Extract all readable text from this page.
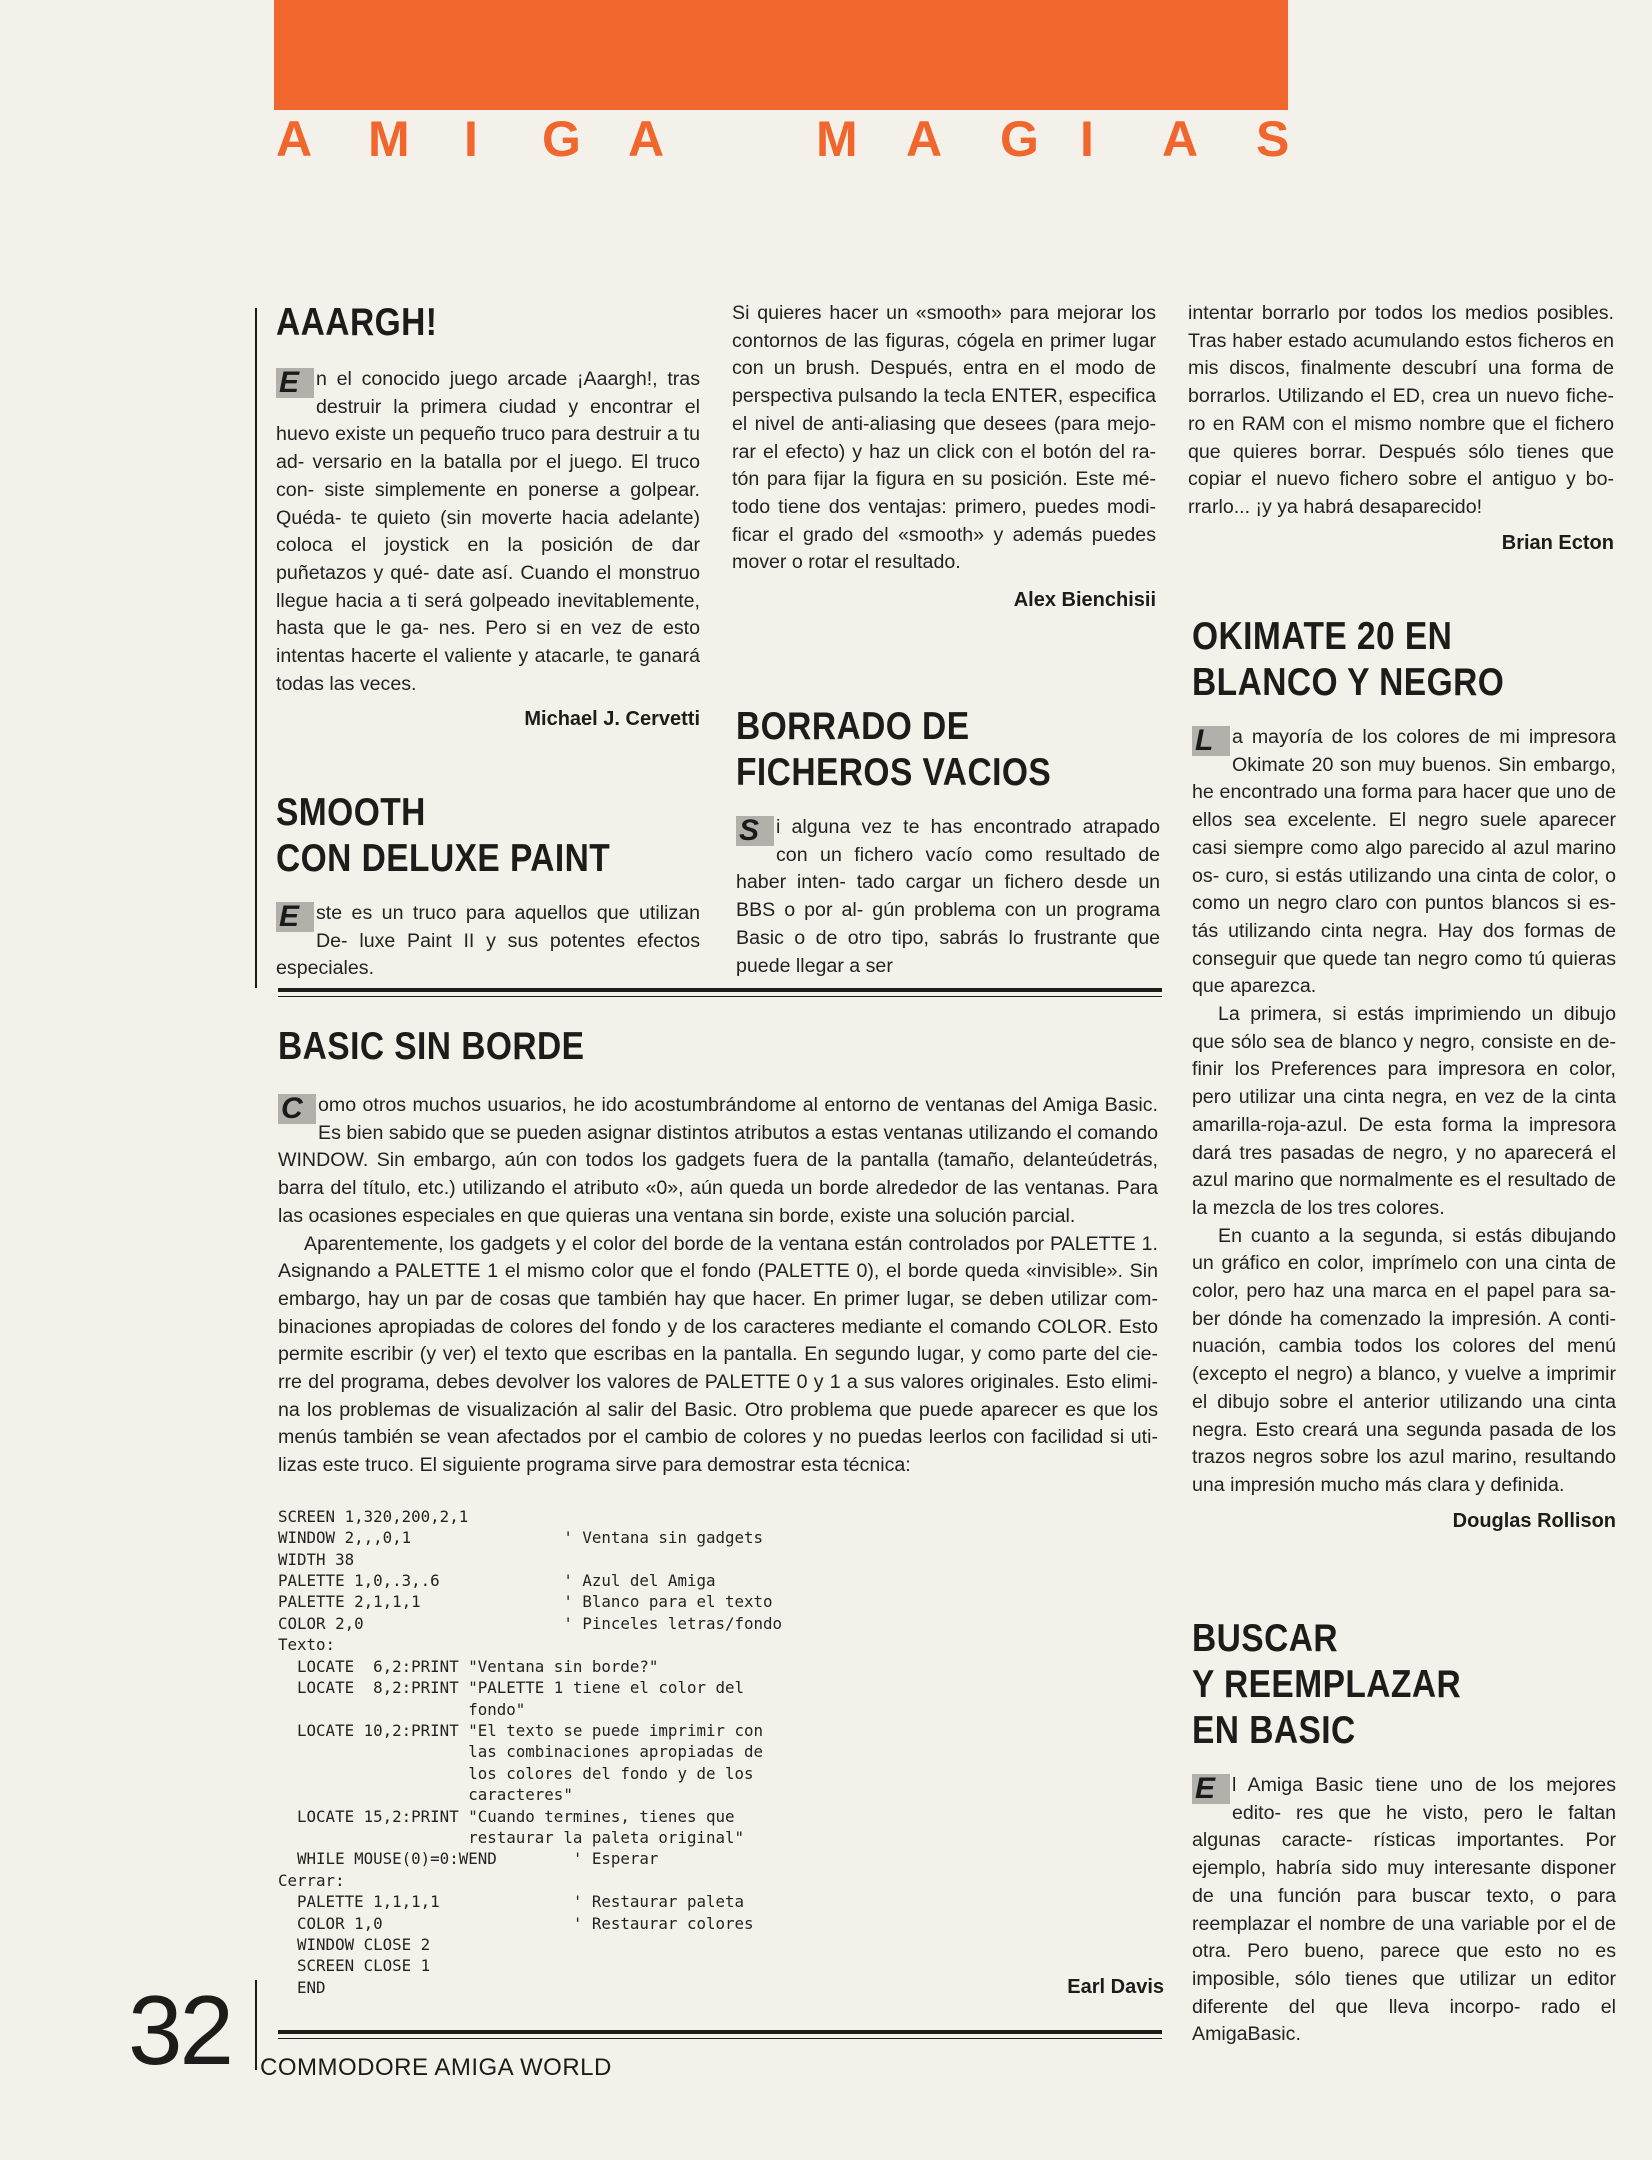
A M I G A	M A G I A S
AAARGH!

E n el conocido juego arcade ¡Aaargh!, tras destruir la primera ciudad y encontrar el huevo existe un pequeño truco para destruir a tu ad- versario en la batalla por el juego. El truco con- siste simplemente en ponerse a golpear. Quéda- te quieto (sin moverte hacia adelante) coloca el joystick en la posición de dar puñetazos y qué- date así. Cuando el monstruo llegue hacia a ti será golpeado inevitablemente, hasta que le ga- nes. Pero si en vez de esto intentas hacerte el valiente y atacarle, te ganará todas las veces.

Michael J. Cervetti
SMOOTH
CON DELUXE PAINT

E ste es un truco para aquellos que utilizan De- luxe Paint II y sus potentes efectos especiales.

Si quieres hacer un «smooth» para mejorar los contornos de las figuras, cógela en primer lugar con un brush. Después, entra en el modo de perspectiva pulsando la tecla ENTER, especifica el nivel de anti-aliasing que desees (para mejo- rar el efecto) y haz un click con el botón del ra- tón para fijar la figura en su posición. Este mé- todo tiene dos ventajas: primero, puedes modi- ficar el grado del «smooth» y además puedes mover o rotar el resultado.

Alex Bienchisii
BORRADO DE
FICHEROS VACIOS

S i alguna vez te has encontrado atrapado con un fichero vacío como resultado de haber inten- tado cargar un fichero desde un BBS o por al- gún problema con un programa Basic o de otro tipo, sabrás lo frustrante que puede llegar a ser

intentar borrarlo por todos los medios posibles. Tras haber estado acumulando estos ficheros en mis discos, finalmente descubrí una forma de borrarlos. Utilizando el ED, crea un nuevo fiche- ro en RAM con el mismo nombre que el fichero que quieres borrar. Después sólo tienes que copiar el nuevo fichero sobre el antiguo y bo- rrarlo... ¡y ya habrá desaparecido!

Brian Ecton
OKIMATE 20 EN
BLANCO Y NEGRO

L a mayoría de los colores de mi impresora Okimate 20 son muy buenos. Sin embargo, he encontrado una forma para hacer que uno de ellos sea excelente. El negro suele aparecer casi siempre como algo parecido al azul marino os- curo, si estás utilizando una cinta de color, o como un negro claro con puntos blancos si es- tás utilizando cinta negra. Hay dos formas de conseguir que quede tan negro como tú quieras que aparezca.

La primera, si estás imprimiendo un dibujo que sólo sea de blanco y negro, consiste en de- finir los Preferences para impresora en color, pero utilizar una cinta negra, en vez de la cinta amarilla-roja-azul. De esta forma la impresora dará tres pasadas de negro, y no aparecerá el azul marino que normalmente es el resultado de la mezcla de los tres colores.

En cuanto a la segunda, si estás dibujando un gráfico en color, imprímelo con una cinta de color, pero haz una marca en el papel para sa- ber dónde ha comenzado la impresión. A conti- nuación, cambia todos los colores del menú (excepto el negro) a blanco, y vuelve a imprimir el dibujo sobre el anterior utilizando una cinta negra. Esto creará una segunda pasada de los trazos negros sobre los azul marino, resultando una impresión mucho más clara y definida.

Douglas Rollison
BUSCAR
Y REEMPLAZAR
EN BASIC

E l Amiga Basic tiene uno de los mejores edito- res que he visto, pero le faltan algunas caracte- rísticas importantes. Por ejemplo, habría sido muy interesante disponer de una función para buscar texto, o para reemplazar el nombre de una variable por el de otra. Pero bueno, parece que esto no es imposible, sólo tienes que utilizar un editor diferente del que lleva incorpo- rado el AmigaBasic.

BASIC SIN BORDE

C omo otros muchos usuarios, he ido acostumbrándome al entorno de ventanas del Amiga Basic. Es bien sabido que se pueden asignar distintos atributos a estas ventanas utilizando el comando WINDOW. Sin embargo, aún con todos los gadgets fuera de la pantalla (tamaño, delanteúdetrás, barra del título, etc.) utilizando el atributo «0», aún queda un borde alrededor de las ventanas. Para las ocasiones especiales en que quieras una ventana sin borde, existe una solución parcial.

Aparentemente, los gadgets y el color del borde de la ventana están controlados por PALETTE 1. Asignando a PALETTE 1 el mismo color que el fondo (PALETTE 0), el borde queda «invisible». Sin embargo, hay un par de cosas que también hay que hacer. En primer lugar, se deben utilizar com- binaciones apropiadas de colores del fondo y de los caracteres mediante el comando COLOR. Esto permite escribir (y ver) el texto que escribas en la pantalla. En segundo lugar, y como parte del cie- rre del programa, debes devolver los valores de PALETTE 0 y 1 a sus valores originales. Esto elimi- na los problemas de visualización al salir del Basic. Otro problema que puede aparecer es que los menús también se vean afectados por el cambio de colores y no puedas leerlos con facilidad si uti- lizas este truco. El siguiente programa sirve para demostrar esta técnica:

SCREEN 1,320,200,2,1
WINDOW 2,,,0,1                ' Ventana sin gadgets
WIDTH 38
PALETTE 1,0,.3,.6             ' Azul del Amiga
PALETTE 2,1,1,1               ' Blanco para el texto
COLOR 2,0                     ' Pinceles letras/fondo
Texto:
LOCATE  6,2:PRINT "Ventana sin borde?"
LOCATE  8,2:PRINT "PALETTE 1 tiene el color del
fondo"
LOCATE 10,2:PRINT "El texto se puede imprimir con
las combinaciones apropiadas de
los colores del fondo y de los
caracteres"
LOCATE 15,2:PRINT "Cuando termines, tienes que
restaurar la paleta original"
WHILE MOUSE(0)=0:WEND        ' Esperar
Cerrar:
PALETTE 1,1,1,1              ' Restaurar paleta
COLOR 1,0                    ' Restaurar colores
WINDOW CLOSE 2
SCREEN CLOSE 1
END	Earl Davis
32 COMMODORE AMIGA WORLD
